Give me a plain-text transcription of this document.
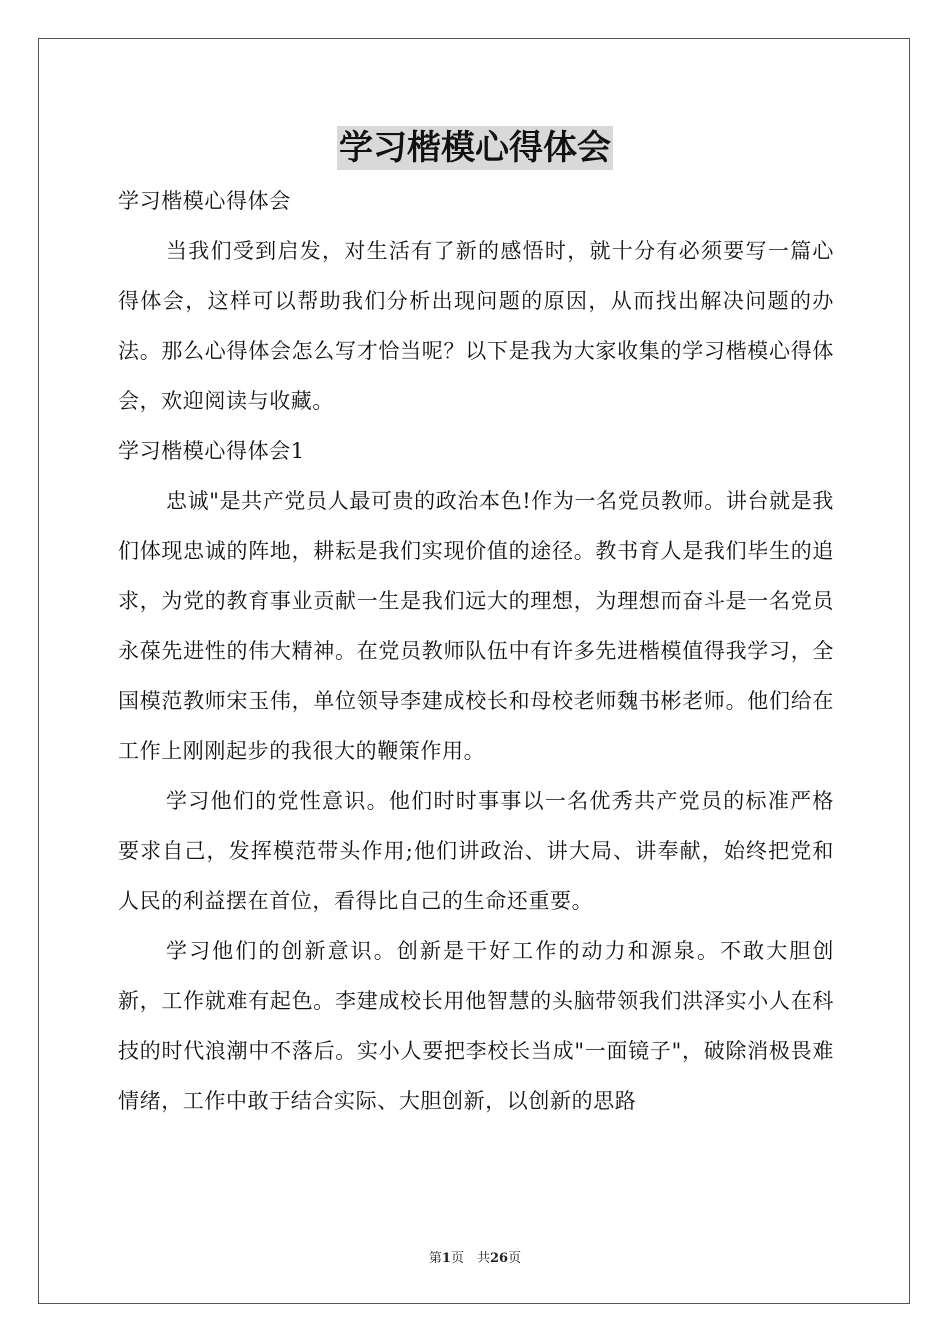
学习楷模心得体会

学习楷模心得体会

当我们受到启发，对生活有了新的感悟时，就十分有必须要写一篇心得体会，这样可以帮助我们分析出现问题的原因，从而找出解决问题的办法。那么心得体会怎么写才恰当呢？以下是我为大家收集的学习楷模心得体会，欢迎阅读与收藏。

学习楷模心得体会1

忠诚"是共产党员人最可贵的政治本色!作为一名党员教师。讲台就是我们体现忠诚的阵地，耕耘是我们实现价值的途径。教书育人是我们毕生的追求，为党的教育事业贡献一生是我们远大的理想，为理想而奋斗是一名党员永葆先进性的伟大精神。在党员教师队伍中有许多先进楷模值得我学习，全国模范教师宋玉伟，单位领导李建成校长和母校老师魏书彬老师。他们给在工作上刚刚起步的我很大的鞭策作用。

学习他们的党性意识。他们时时事事以一名优秀共产党员的标准严格要求自己，发挥模范带头作用;他们讲政治、讲大局、讲奉献，始终把党和人民的利益摆在首位，看得比自己的生命还重要。

学习他们的创新意识。创新是干好工作的动力和源泉。不敢大胆创新，工作就难有起色。李建成校长用他智慧的头脑带领我们洪泽实小人在科技的时代浪潮中不落后。实小人要把李校长当成"一面镜子"，破除消极畏难情绪，工作中敢于结合实际、大胆创新，以创新的思路

第1页　共26页
